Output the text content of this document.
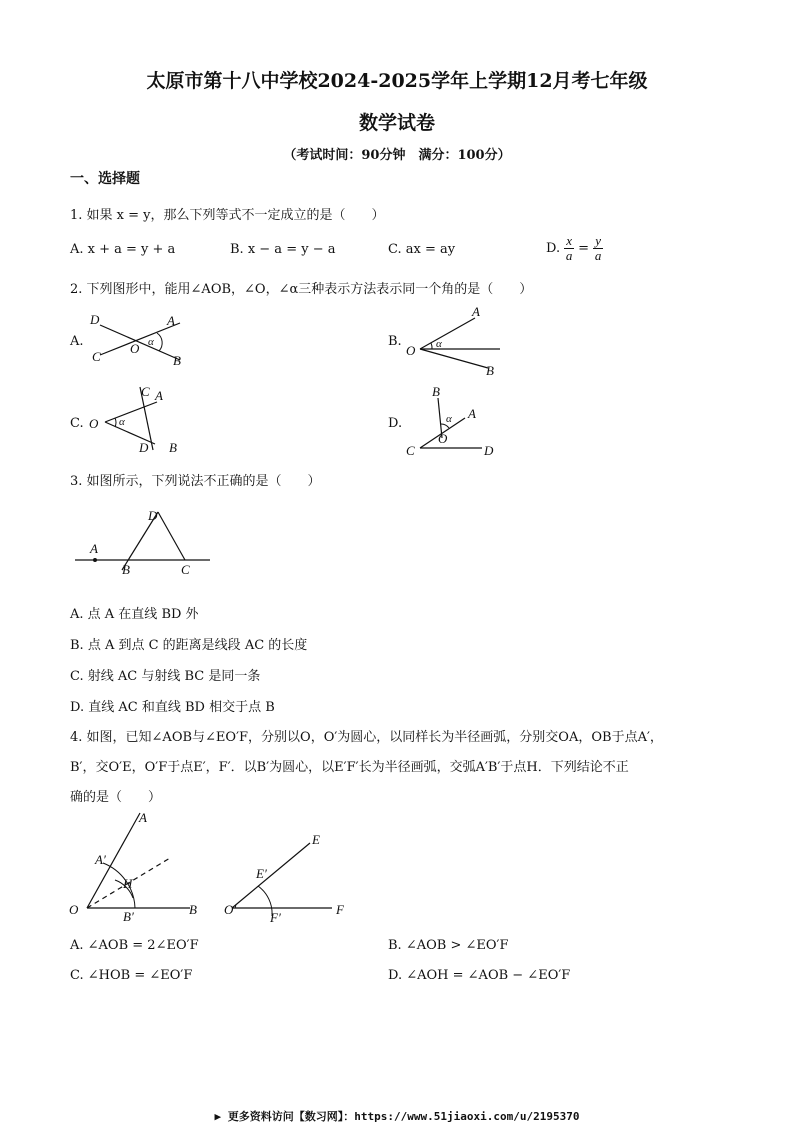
太原市第十八中学校2024-2025学年上学期12月考七年级
数学试卷
（考试时间：90分钟　满分：100分）
一、选择题
1. 如果 x = y，那么下列等式不一定成立的是（　　）
A. x + a = y + a	B. x − a = y − a	C. ax = ay	D. $\frac{x}{a} = \frac{y}{a}$
2. 下列图形中，能用∠AOB，∠O，∠α三种表示方法表示同一个角的是（　　）
A.	B.
C.	D.
D	A
C
O α
B
A
O α
B
C A
O α
D B
B
α A
O
C	D
3. 如图所示，下列说法不正确的是（　　）
D
A
B	C
A. 点 A 在直线 BD 外
B. 点 A 到点 C 的距离是线段 AC 的长度
C. 射线 AC 与射线 BC 是同一条
D. 直线 AC 和直线 BD 相交于点 B
4. 如图，已知∠AOB与∠EO′F，分别以O，O′为圆心，以同样长为半径画弧，分别交OA，OB于点A′，
B′，交O′E，O′F于点E′，F′．以B′为圆心，以E′F′长为半径画弧，交弧A′B′于点H．下列结论不正
确的是（　　）
A
A′
H
O	B′	B
E
E′
O′
F′
F
A. ∠AOB = 2∠EO′F	B. ∠AOB > ∠EO′F
C. ∠HOB = ∠EO′F	D. ∠AOH = ∠AOB − ∠EO′F
▶ 更多资料访问【数习网】：https://www.51jiaoxi.com/u/2195370
